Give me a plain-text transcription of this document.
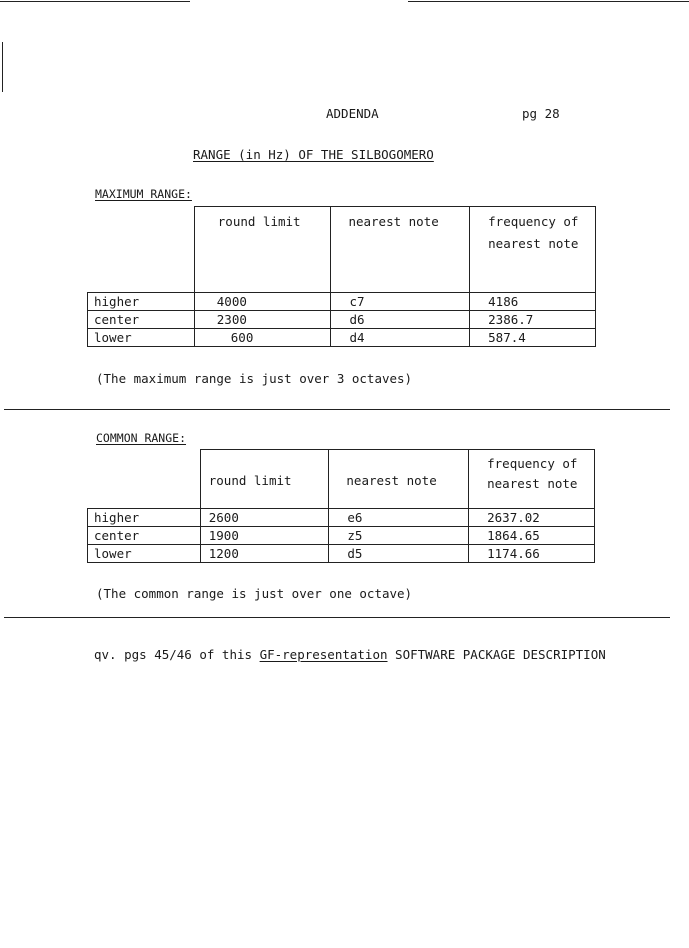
ADDENDA	pg 28
RANGE (in Hz) OF THE SILBOGOMERO
MAXIMUM RANGE:
	round limit	nearest note	frequency of nearest note
higher	4000	c7	4186
center	2300	d6	2386.7
lower	600	d4	587.4
(The maximum range is just over 3 octaves)
COMMON RANGE:
	round limit	nearest note	frequency of nearest note
higher	2600	e6	2637.02
center	1900	z5	1864.65
lower	1200	d5	1174.66
(The common range is just over one octave)
qv. pgs 45/46 of this GF-representation SOFTWARE PACKAGE DESCRIPTION
